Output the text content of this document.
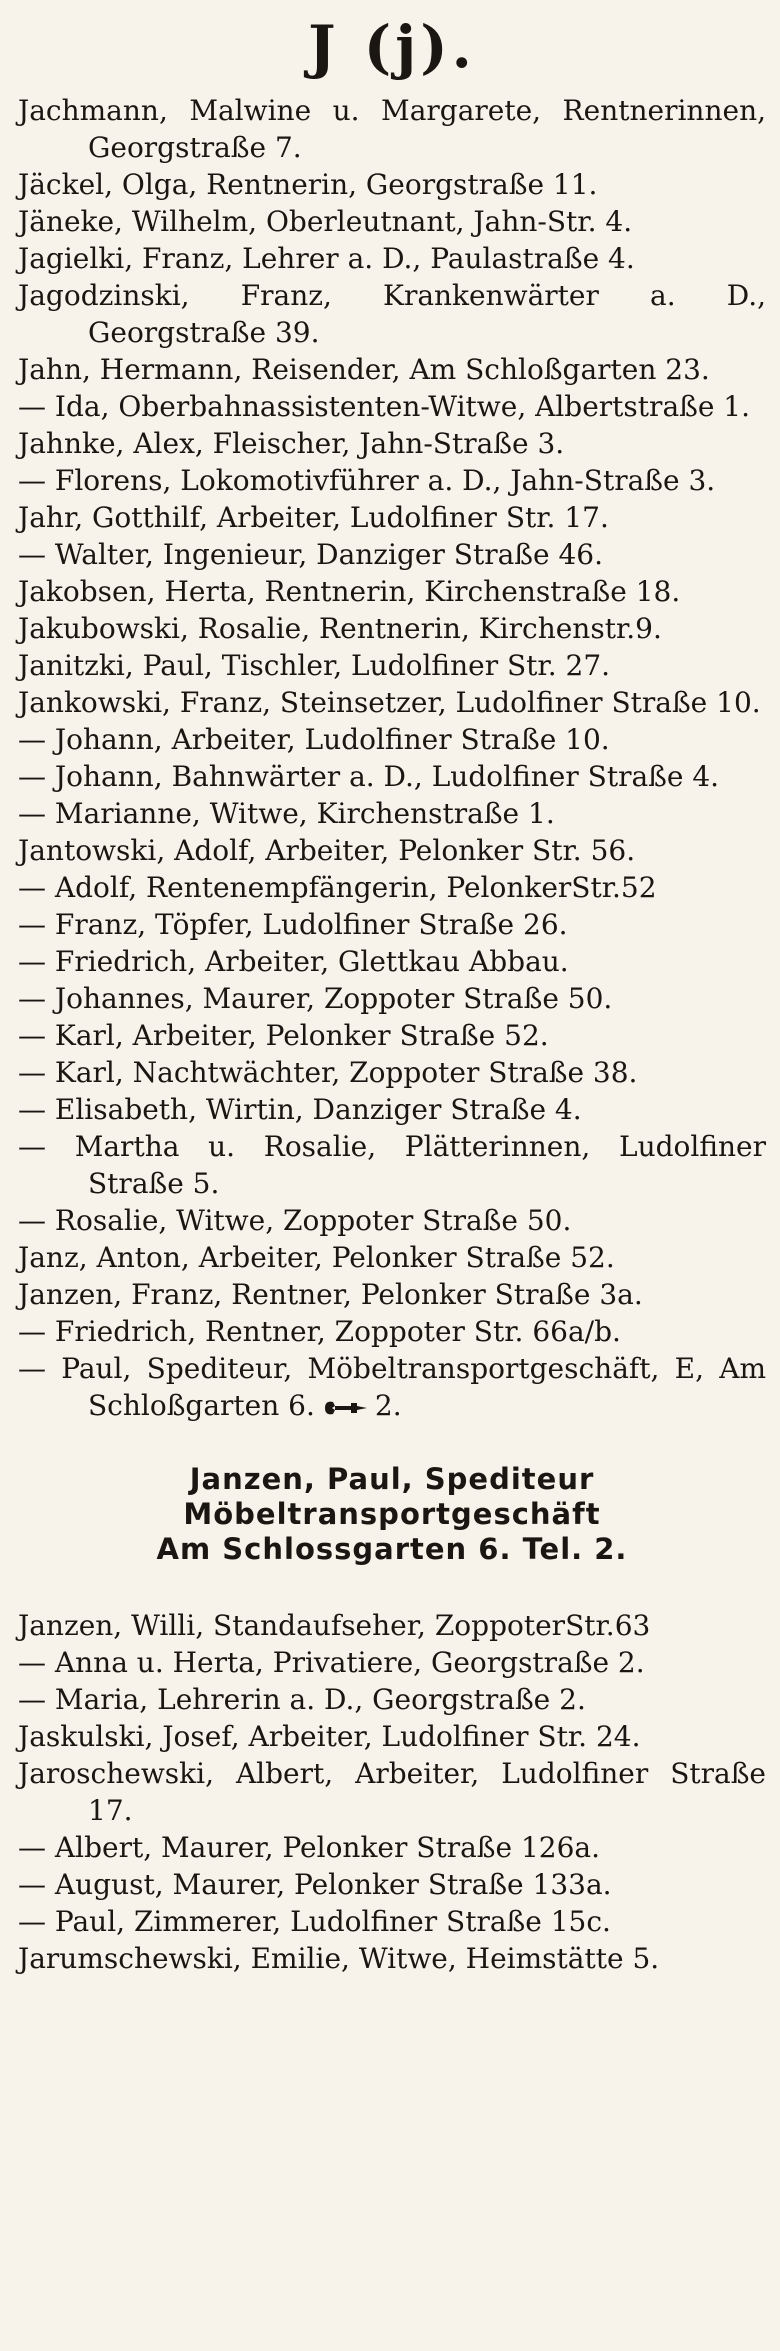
J (j).

Jachmann, Malwine u. Margarete, Rentnerinnen, Georgstraße 7.

Jäckel, Olga, Rentnerin, Georgstraße 11.

Jäneke, Wilhelm, Oberleutnant, Jahn-Str. 4.

Jagielki, Franz, Lehrer a. D., Paulastraße 4.

Jagodzinski, Franz, Krankenwärter a. D., Georgstraße 39.

Jahn, Hermann, Reisender, Am Schloßgarten 23.

— Ida, Oberbahnassistenten-Witwe, Albertstraße 1.

Jahnke, Alex, Fleischer, Jahn-Straße 3.

— Florens, Lokomotivführer a. D., Jahn-Straße 3.

Jahr, Gotthilf, Arbeiter, Ludolfiner Str. 17.

— Walter, Ingenieur, Danziger Straße 46.

Jakobsen, Herta, Rentnerin, Kirchenstraße 18.

Jakubowski, Rosalie, Rentnerin, Kirchenstr.9.

Janitzki, Paul, Tischler, Ludolfiner Str. 27.

Jankowski, Franz, Steinsetzer, Ludolfiner Straße 10.

— Johann, Arbeiter, Ludolfiner Straße 10.

— Johann, Bahnwärter a. D., Ludolfiner Straße 4.

— Marianne, Witwe, Kirchenstraße 1.

Jantowski, Adolf, Arbeiter, Pelonker Str. 56.

— Adolf, Rentenempfängerin, PelonkerStr.52

— Franz, Töpfer, Ludolfiner Straße 26.

— Friedrich, Arbeiter, Glettkau Abbau.

— Johannes, Maurer, Zoppoter Straße 50.

— Karl, Arbeiter, Pelonker Straße 52.

— Karl, Nachtwächter, Zoppoter Straße 38.

— Elisabeth, Wirtin, Danziger Straße 4.

— Martha u. Rosalie, Plätterinnen, Ludolfiner Straße 5.

— Rosalie, Witwe, Zoppoter Straße 50.

Janz, Anton, Arbeiter, Pelonker Straße 52.

Janzen, Franz, Rentner, Pelonker Straße 3a.

— Friedrich, Rentner, Zoppoter Str. 66a/b.

— Paul, Spediteur, Möbeltransportgeschäft, E, Am Schloßgarten 6. 2.

Janzen, Paul, Spediteur
Möbeltransportgeschäft
Am Schlossgarten 6. Tel. 2.

Janzen, Willi, Standaufseher, ZoppoterStr.63

— Anna u. Herta, Privatiere, Georgstraße 2.

— Maria, Lehrerin a. D., Georgstraße 2.

Jaskulski, Josef, Arbeiter, Ludolfiner Str. 24.

Jaroschewski, Albert, Arbeiter, Ludolfiner Straße 17.

— Albert, Maurer, Pelonker Straße 126a.

— August, Maurer, Pelonker Straße 133a.

— Paul, Zimmerer, Ludolfiner Straße 15c.

Jarumschewski, Emilie, Witwe, Heimstätte 5.
